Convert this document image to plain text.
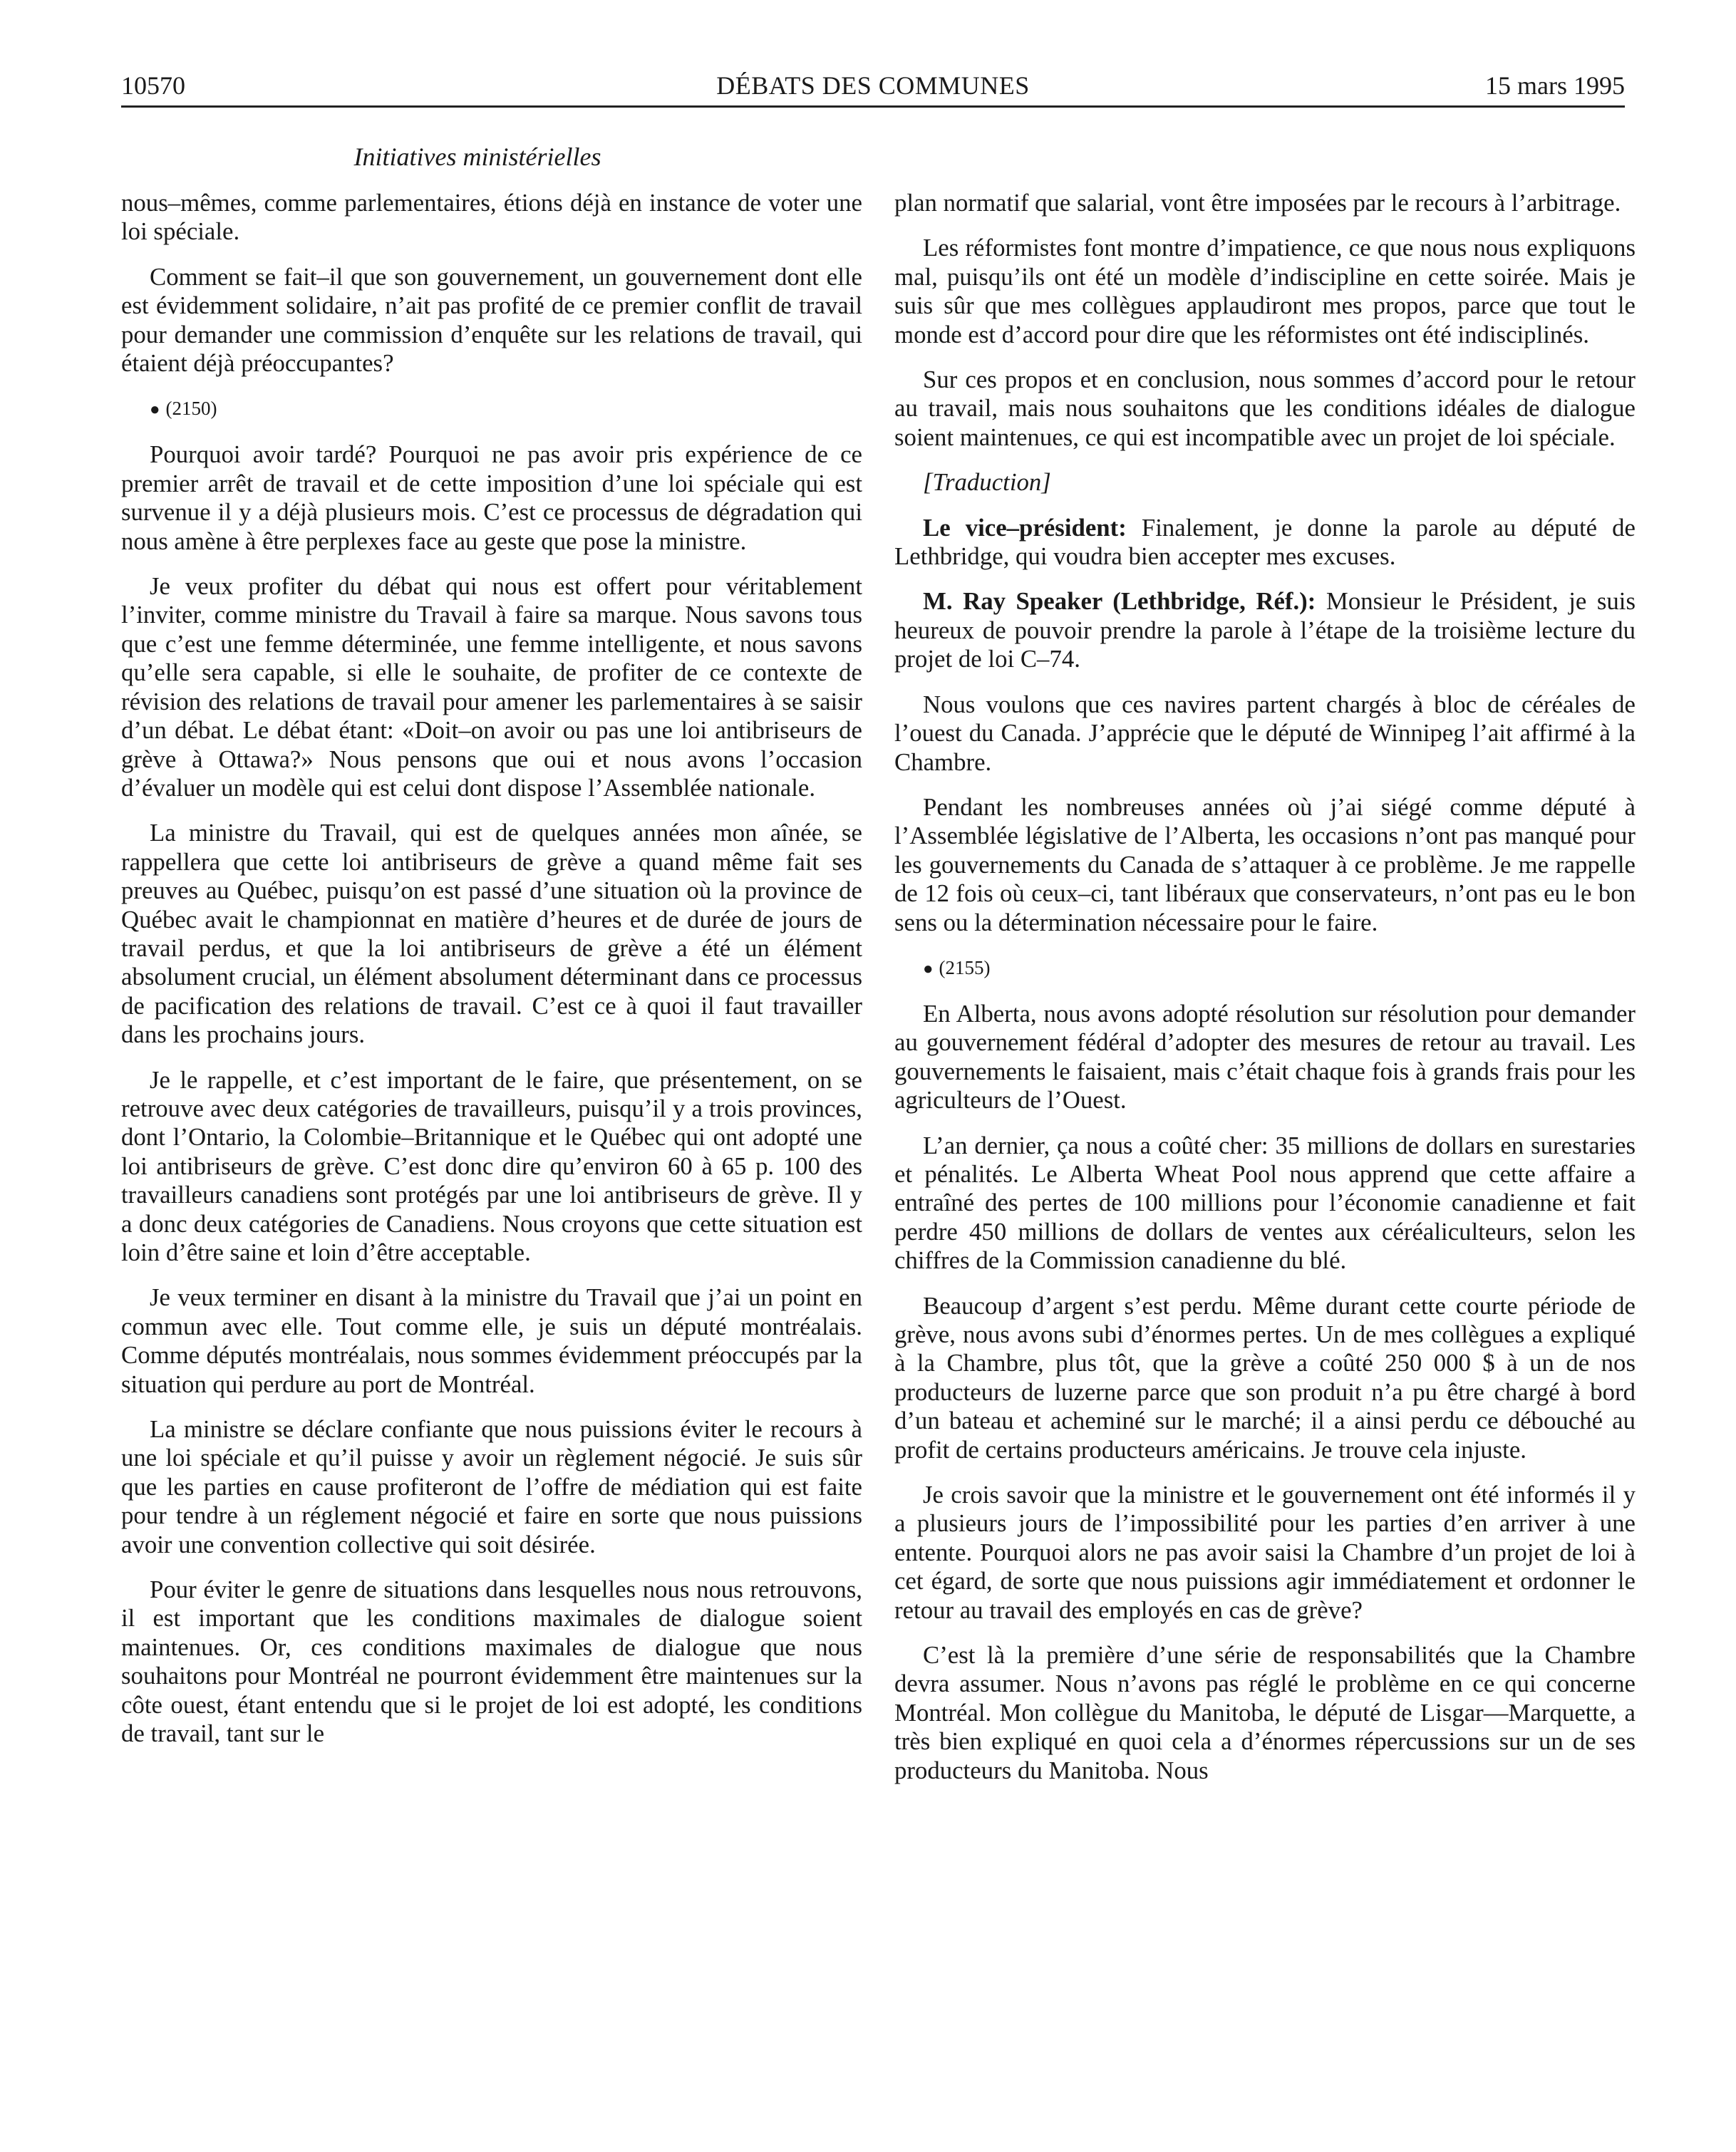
10570	DÉBATS DES COMMUNES	15 mars 1995
Initiatives ministérielles

nous–mêmes, comme parlementaires, étions déjà en instance de voter une loi spéciale.

Comment se fait–il que son gouvernement, un gouvernement dont elle est évidemment solidaire, n’ait pas profité de ce premier conflit de travail pour demander une commission d’enquête sur les relations de travail, qui étaient déjà préoccupantes?

● (2150)

Pourquoi avoir tardé? Pourquoi ne pas avoir pris expérience de ce premier arrêt de travail et de cette imposition d’une loi spéciale qui est survenue il y a déjà plusieurs mois. C’est ce processus de dégradation qui nous amène à être perplexes face au geste que pose la ministre.

Je veux profiter du débat qui nous est offert pour véritablement l’inviter, comme ministre du Travail à faire sa marque. Nous savons tous que c’est une femme déterminée, une femme intelligente, et nous savons qu’elle sera capable, si elle le souhaite, de profiter de ce contexte de révision des relations de travail pour amener les parlementaires à se saisir d’un débat. Le débat étant: «Doit–on avoir ou pas une loi antibriseurs de grève à Ottawa?» Nous pensons que oui et nous avons l’occasion d’évaluer un modèle qui est celui dont dispose l’Assemblée nationale.

La ministre du Travail, qui est de quelques années mon aînée, se rappellera que cette loi antibriseurs de grève a quand même fait ses preuves au Québec, puisqu’on est passé d’une situation où la province de Québec avait le championnat en matière d’heures et de durée de jours de travail perdus, et que la loi antibriseurs de grève a été un élément absolument crucial, un élément absolument déterminant dans ce processus de pacification des relations de travail. C’est ce à quoi il faut travailler dans les prochains jours.

Je le rappelle, et c’est important de le faire, que présentement, on se retrouve avec deux catégories de travailleurs, puisqu’il y a trois provinces, dont l’Ontario, la Colombie–Britannique et le Québec qui ont adopté une loi antibriseurs de grève. C’est donc dire qu’environ 60 à 65 p. 100 des travailleurs canadiens sont protégés par une loi antibriseurs de grève. Il y a donc deux catégories de Canadiens. Nous croyons que cette situation est loin d’être saine et loin d’être acceptable.

Je veux terminer en disant à la ministre du Travail que j’ai un point en commun avec elle. Tout comme elle, je suis un député montréalais. Comme députés montréalais, nous sommes évidemment préoccupés par la situation qui perdure au port de Montréal.

La ministre se déclare confiante que nous puissions éviter le recours à une loi spéciale et qu’il puisse y avoir un règlement négocié. Je suis sûr que les parties en cause profiteront de l’offre de médiation qui est faite pour tendre à un réglement négocié et faire en sorte que nous puissions avoir une convention collective qui soit désirée.

Pour éviter le genre de situations dans lesquelles nous nous retrouvons, il est important que les conditions maximales de dialogue soient maintenues. Or, ces conditions maximales de dialogue que nous souhaitons pour Montréal ne pourront évidemment être maintenues sur la côte ouest, étant entendu que si le projet de loi est adopté, les conditions de travail, tant sur le

plan normatif que salarial, vont être imposées par le recours à l’arbitrage.

Les réformistes font montre d’impatience, ce que nous nous expliquons mal, puisqu’ils ont été un modèle d’indiscipline en cette soirée. Mais je suis sûr que mes collègues applaudiront mes propos, parce que tout le monde est d’accord pour dire que les réformistes ont été indisciplinés.

Sur ces propos et en conclusion, nous sommes d’accord pour le retour au travail, mais nous souhaitons que les conditions idéales de dialogue soient maintenues, ce qui est incompatible avec un projet de loi spéciale.

[Traduction]

Le vice–président: Finalement, je donne la parole au député de Lethbridge, qui voudra bien accepter mes excuses.

M. Ray Speaker (Lethbridge, Réf.): Monsieur le Président, je suis heureux de pouvoir prendre la parole à l’étape de la troisième lecture du projet de loi C–74.

Nous voulons que ces navires partent chargés à bloc de céréales de l’ouest du Canada. J’apprécie que le député de Winnipeg l’ait affirmé à la Chambre.

Pendant les nombreuses années où j’ai siégé comme député à l’Assemblée législative de l’Alberta, les occasions n’ont pas manqué pour les gouvernements du Canada de s’attaquer à ce problème. Je me rappelle de 12 fois où ceux–ci, tant libéraux que conservateurs, n’ont pas eu le bon sens ou la détermination nécessaire pour le faire.

● (2155)

En Alberta, nous avons adopté résolution sur résolution pour demander au gouvernement fédéral d’adopter des mesures de retour au travail. Les gouvernements le faisaient, mais c’était chaque fois à grands frais pour les agriculteurs de l’Ouest.

L’an dernier, ça nous a coûté cher: 35 millions de dollars en surestaries et pénalités. Le Alberta Wheat Pool nous apprend que cette affaire a entraîné des pertes de 100 millions pour l’économie canadienne et fait perdre 450 millions de dollars de ventes aux céréaliculteurs, selon les chiffres de la Commission canadienne du blé.

Beaucoup d’argent s’est perdu. Même durant cette courte période de grève, nous avons subi d’énormes pertes. Un de mes collègues a expliqué à la Chambre, plus tôt, que la grève a coûté 250 000 $ à un de nos producteurs de luzerne parce que son produit n’a pu être chargé à bord d’un bateau et acheminé sur le marché; il a ainsi perdu ce débouché au profit de certains producteurs américains. Je trouve cela injuste.

Je crois savoir que la ministre et le gouvernement ont été informés il y a plusieurs jours de l’impossibilité pour les parties d’en arriver à une entente. Pourquoi alors ne pas avoir saisi la Chambre d’un projet de loi à cet égard, de sorte que nous puissions agir immédiatement et ordonner le retour au travail des employés en cas de grève?

C’est là la première d’une série de responsabilités que la Chambre devra assumer. Nous n’avons pas réglé le problème en ce qui concerne Montréal. Mon collègue du Manitoba, le député de Lisgar—Marquette, a très bien expliqué en quoi cela a d’énormes répercussions sur un de ses producteurs du Manitoba. Nous
